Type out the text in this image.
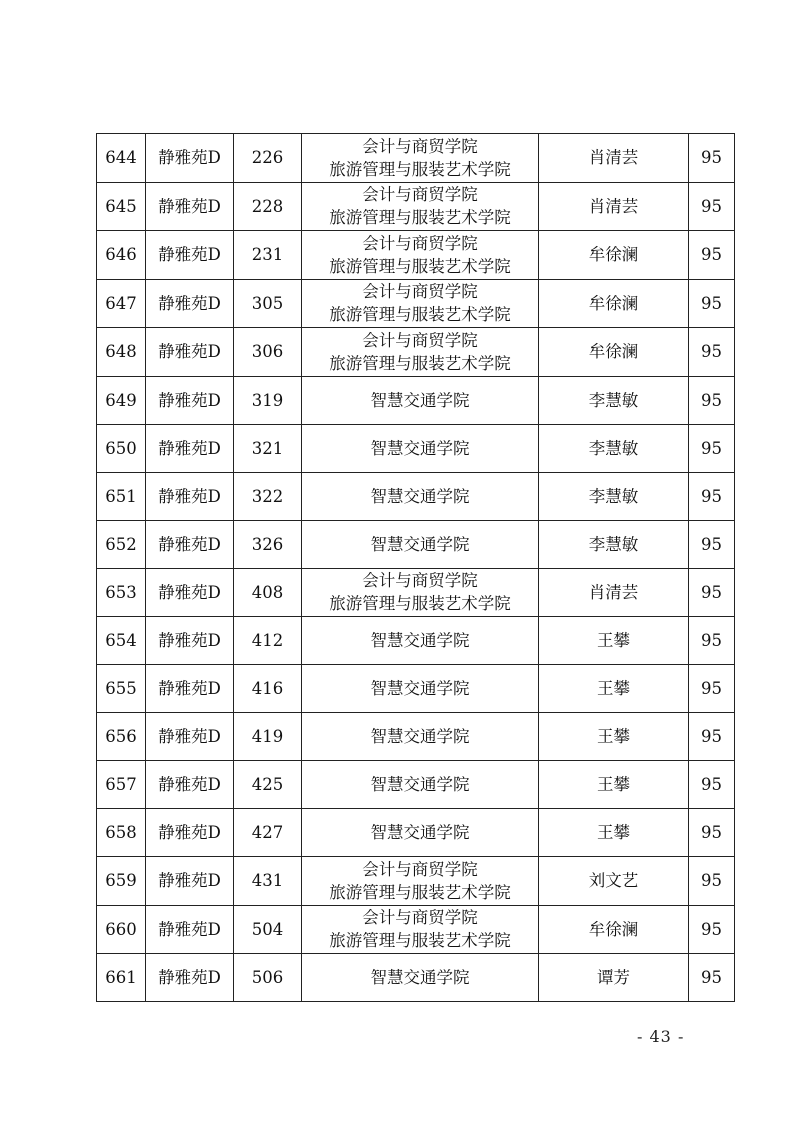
644	静雅苑D	226	会计与商贸学院
旅游管理与服装艺术学院	肖清芸	95
645	静雅苑D	228	会计与商贸学院
旅游管理与服装艺术学院	肖清芸	95
646	静雅苑D	231	会计与商贸学院
旅游管理与服装艺术学院	牟徐澜	95
647	静雅苑D	305	会计与商贸学院
旅游管理与服装艺术学院	牟徐澜	95
648	静雅苑D	306	会计与商贸学院
旅游管理与服装艺术学院	牟徐澜	95
649	静雅苑D	319	智慧交通学院	李慧敏	95
650	静雅苑D	321	智慧交通学院	李慧敏	95
651	静雅苑D	322	智慧交通学院	李慧敏	95
652	静雅苑D	326	智慧交通学院	李慧敏	95
653	静雅苑D	408	会计与商贸学院
旅游管理与服装艺术学院	肖清芸	95
654	静雅苑D	412	智慧交通学院	王攀	95
655	静雅苑D	416	智慧交通学院	王攀	95
656	静雅苑D	419	智慧交通学院	王攀	95
657	静雅苑D	425	智慧交通学院	王攀	95
658	静雅苑D	427	智慧交通学院	王攀	95
659	静雅苑D	431	会计与商贸学院
旅游管理与服装艺术学院	刘文艺	95
660	静雅苑D	504	会计与商贸学院
旅游管理与服装艺术学院	牟徐澜	95
661	静雅苑D	506	智慧交通学院	谭芳	95
- 43 -
